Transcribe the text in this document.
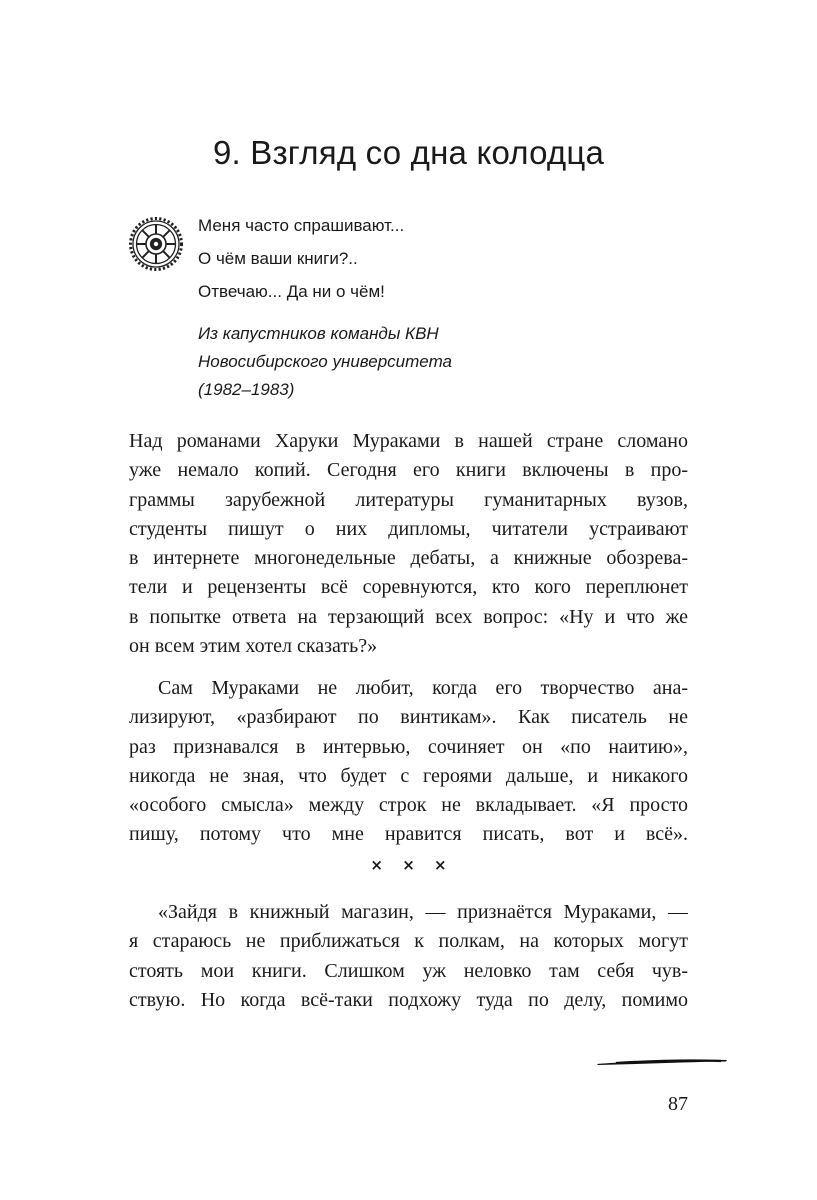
9. Взгляд со дна колодца
Меня часто спрашивают...
О чём ваши книги?..
Отвечаю... Да ни о чём!
Из капустников команды КВН
Новосибирского университета
(1982–1983)
Над романами Харуки Мураками в нашей стране сломано
уже немало копий. Сегодня его книги включены в про-
граммы зарубежной литературы гуманитарных вузов,
студенты пишут о них дипломы, читатели устраивают
в интернете многонедельные дебаты, а книжные обозрева-
тели и рецензенты всё соревнуются, кто кого переплюнет
в попытке ответа на терзающий всех вопрос: «Ну и что же
он всем этим хотел сказать?»
Сам Мураками не любит, когда его творчество ана-
лизируют, «разбирают по винтикам». Как писатель не
раз признавался в интервью, сочиняет он «по наитию»,
никогда не зная, что будет с героями дальше, и никакого
«особого смысла» между строк не вкладывает. «Я просто
пишу, потому что мне нравится писать, вот и всё».
× × ×
«Зайдя в книжный магазин, — признаётся Мураками, —
я стараюсь не приближаться к полкам, на которых могут
стоять мои книги. Слишком уж неловко там себя чув-
ствую. Но когда всё-таки подхожу туда по делу, помимо
87
